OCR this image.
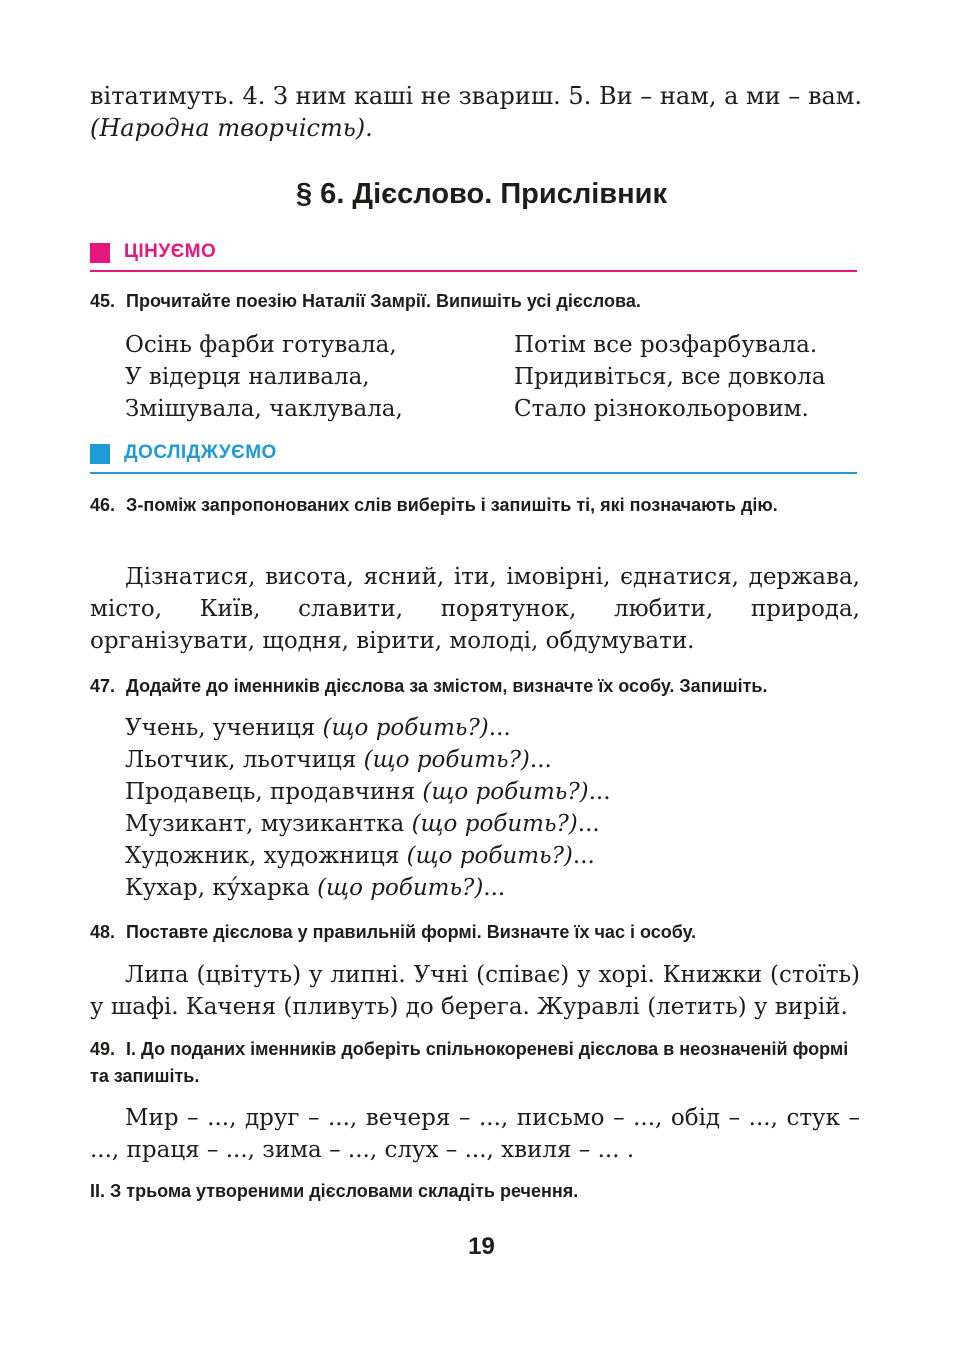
вітатимуть. 4. З ним каші не звариш. 5. Ви – нам, а ми – вам.
(Народна творчість).
§ 6. Дієслово. Прислівник
ЦІНУЄМО
45. Прочитайте поезію Наталії Замрії. Випишіть усі дієслова.
Осінь фарби готувала,
У відерця наливала,
Змішувала, чаклувала,
Потім все розфарбувала.
Придивіться, все довкола
Стало різнокольоровим.
ДОСЛІДЖУЄМО
46. З-поміж запропонованих слів виберіть і запишіть ті, які позначають дію.
Дізнатися, висота, ясний, іти, імовірні, єднатися, держава, місто, Київ, славити, порятунок, любити, природа, організувати, щодня, вірити, молоді, обдумувати.
47. Додайте до іменників дієслова за змістом, визначте їх особу. Запишіть.
Учень, учениця (що робить?)...
Льотчик, льотчиця (що робить?)...
Продавець, продавчиня (що робить?)...
Музикант, музикантка (що робить?)...
Художник, художниця (що робить?)...
Кухар, ку́харка (що робить?)...
48. Поставте дієслова у правильній формі. Визначте їх час і особу.
Липа (цвітуть) у липні. Учні (співає) у хорі. Книжки (стоїть) у шафі. Каченя (пливуть) до берега. Журавлі (летить) у вирій.
49. І. До поданих іменників доберіть спільнокореневі дієслова в неозначеній формі та запишіть.
Мир – ..., друг – ..., вечеря – ..., письмо – ..., обід – ..., стук – ..., праця – ..., зима – ..., слух – ..., хвиля – ... .
ІІ. З трьома утвореними дієсловами складіть речення.
19
